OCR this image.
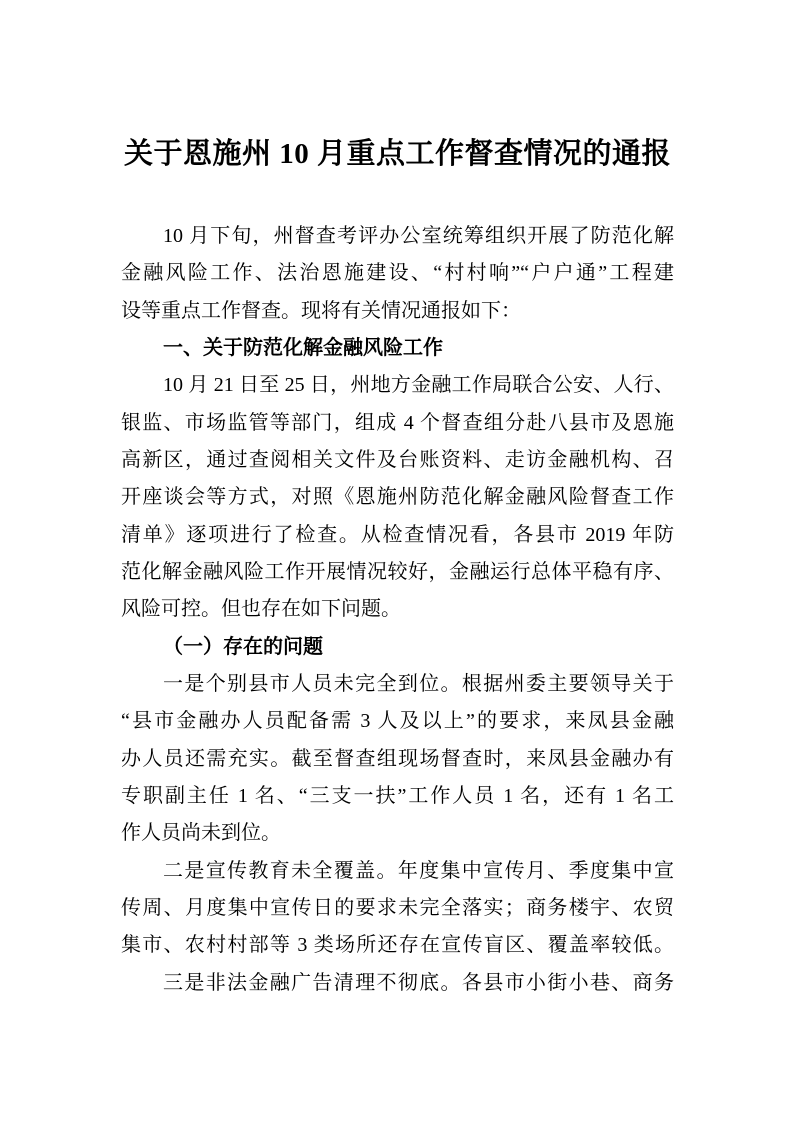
关于恩施州 10 月重点工作督查情况的通报
10 月下旬，州督查考评办公室统筹组织开展了防范化解
金融风险工作、法治恩施建设、“村村响”“户户通”工程建
设等重点工作督查。现将有关情况通报如下：
一、关于防范化解金融风险工作
10 月 21 日至 25 日，州地方金融工作局联合公安、人行、
银监、市场监管等部门，组成 4 个督查组分赴八县市及恩施
高新区，通过查阅相关文件及台账资料、走访金融机构、召
开座谈会等方式，对照《恩施州防范化解金融风险督查工作
清单》逐项进行了检查。从检查情况看，各县市 2019 年防
范化解金融风险工作开展情况较好，金融运行总体平稳有序、
风险可控。但也存在如下问题。
（一）存在的问题
一是个别县市人员未完全到位。根据州委主要领导关于
“县市金融办人员配备需 3 人及以上”的要求，来凤县金融
办人员还需充实。截至督查组现场督查时，来凤县金融办有
专职副主任 1 名、“三支一扶”工作人员 1 名，还有 1 名工
作人员尚未到位。
二是宣传教育未全覆盖。年度集中宣传月、季度集中宣
传周、月度集中宣传日的要求未完全落实；商务楼宇、农贸
集市、农村村部等 3 类场所还存在宣传盲区、覆盖率较低。
三是非法金融广告清理不彻底。各县市小街小巷、商务
